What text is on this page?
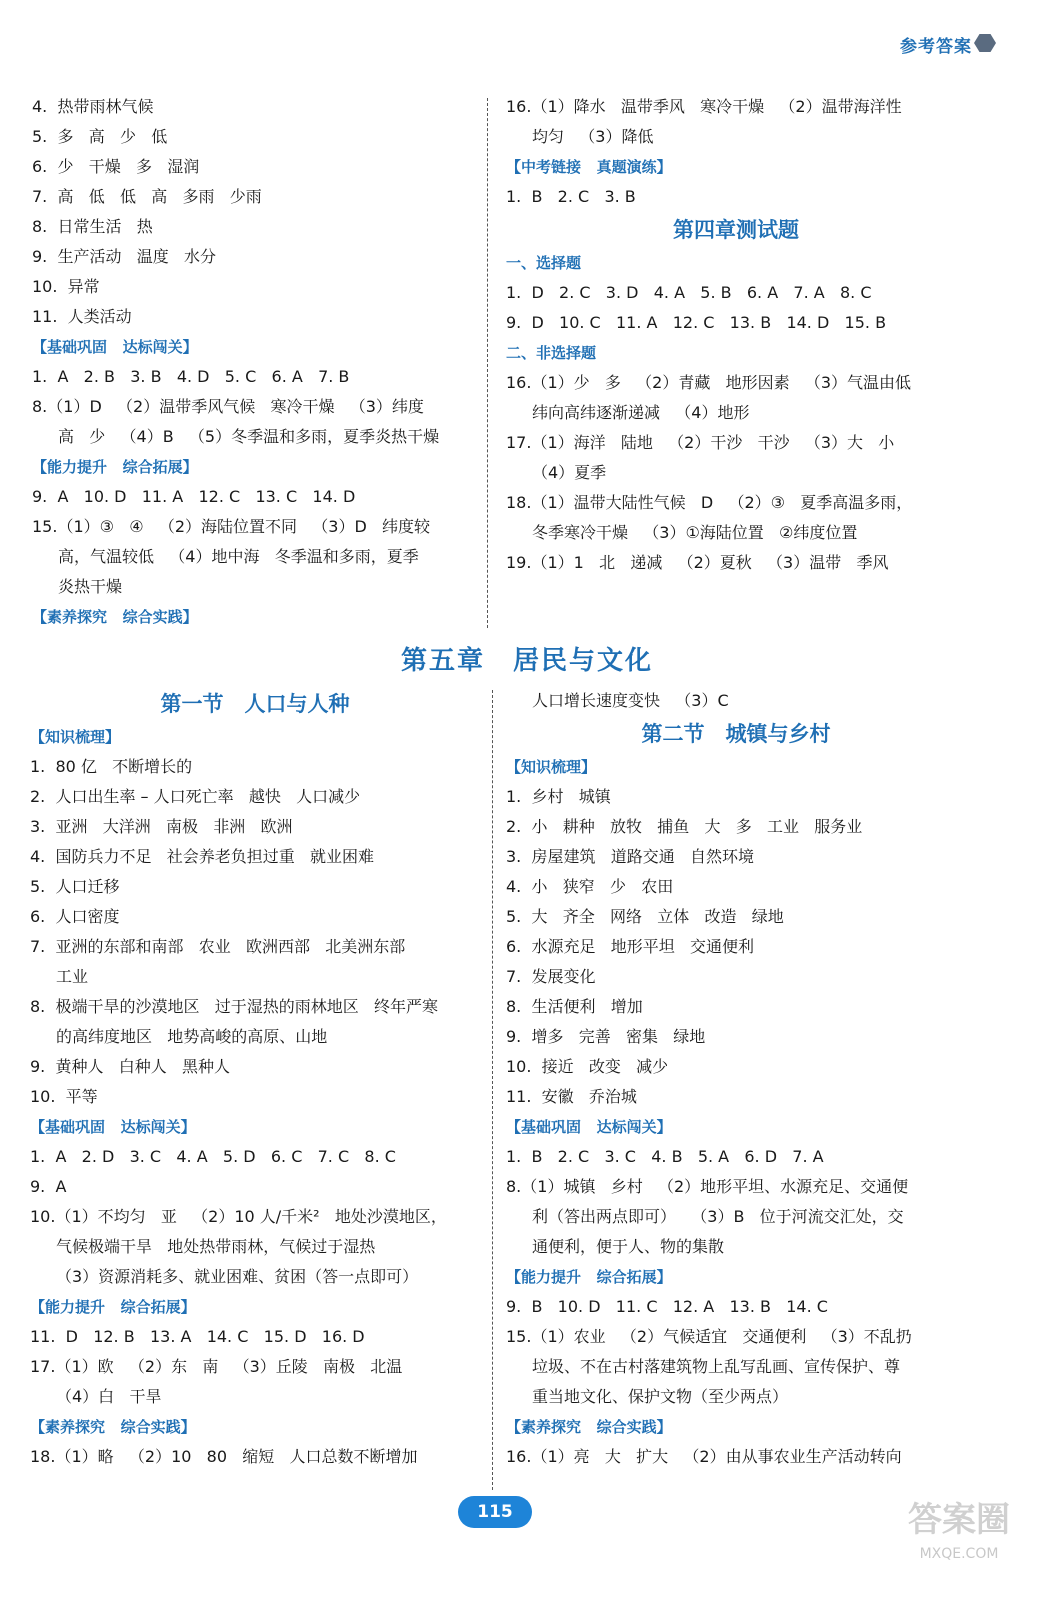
参考答案
4.  热带雨林气候
5.  多   高   少   低
6.  少   干燥   多   湿润
7.  高   低   低   高   多雨   少雨
8.  日常生活   热
9.  生产活动   温度   水分
10.  异常
11.  人类活动
【基础巩固   达标闯关】
1.  A   2. B   3. B   4. D   5. C   6. A   7. B
8.（1）D   （2）温带季风气候   寒冷干燥   （3）纬度
高   少   （4）B   （5）冬季温和多雨，夏季炎热干燥
【能力提升   综合拓展】
9.  A   10. D   11. A   12. C   13. C   14. D
15.（1）③   ④   （2）海陆位置不同   （3）D   纬度较
高，气温较低   （4）地中海   冬季温和多雨，夏季
炎热干燥
【素养探究   综合实践】
16.（1）降水   温带季风   寒冷干燥   （2）温带海洋性
均匀   （3）降低
【中考链接   真题演练】
1.  B   2. C   3. B
第四章测试题
一、选择题
1.  D   2. C   3. D   4. A   5. B   6. A   7. A   8. C
9.  D   10. C   11. A   12. C   13. B   14. D   15. B
二、非选择题
16.（1）少   多   （2）青藏   地形因素   （3）气温由低
纬向高纬逐渐递减   （4）地形
17.（1）海洋   陆地   （2）干沙   干沙   （3）大   小
（4）夏季
18.（1）温带大陆性气候   D   （2）③   夏季高温多雨，
冬季寒冷干燥   （3）①海陆位置   ②纬度位置
19.（1）1   北   递减   （2）夏秋   （3）温带   季风
第五章　居民与文化
第一节　人口与人种
【知识梳理】
1.  80 亿   不断增长的
2.  人口出生率 – 人口死亡率   越快   人口减少
3.  亚洲   大洋洲   南极   非洲   欧洲
4.  国防兵力不足   社会养老负担过重   就业困难
5.  人口迁移
6.  人口密度
7.  亚洲的东部和南部   农业   欧洲西部   北美洲东部
工业
8.  极端干旱的沙漠地区   过于湿热的雨林地区   终年严寒
的高纬度地区   地势高峻的高原、山地
9.  黄种人   白种人   黑种人
10.  平等
【基础巩固   达标闯关】
1.  A   2. D   3. C   4. A   5. D   6. C   7. C   8. C
9.  A
10.（1）不均匀   亚   （2）10 人/千米²   地处沙漠地区，
气候极端干旱   地处热带雨林，气候过于湿热
（3）资源消耗多、就业困难、贫困（答一点即可）
【能力提升   综合拓展】
11.  D   12. B   13. A   14. C   15. D   16. D
17.（1）欧   （2）东   南   （3）丘陵   南极   北温
（4）白   干旱
【素养探究   综合实践】
18.（1）略   （2）10   80   缩短   人口总数不断增加
人口增长速度变快   （3）C
第二节　城镇与乡村
【知识梳理】
1.  乡村   城镇
2.  小   耕种   放牧   捕鱼   大   多   工业   服务业
3.  房屋建筑   道路交通   自然环境
4.  小   狭窄   少   农田
5.  大   齐全   网络   立体   改造   绿地
6.  水源充足   地形平坦   交通便利
7.  发展变化
8.  生活便利   增加
9.  增多   完善   密集   绿地
10.  接近   改变   减少
11.  安徽   乔治城
【基础巩固   达标闯关】
1.  B   2. C   3. C   4. B   5. A   6. D   7. A
8.（1）城镇   乡村   （2）地形平坦、水源充足、交通便
利（答出两点即可）   （3）B   位于河流交汇处，交
通便利，便于人、物的集散
【能力提升   综合拓展】
9.  B   10. D   11. C   12. A   13. B   14. C
15.（1）农业   （2）气候适宜   交通便利   （3）不乱扔
垃圾、不在古村落建筑物上乱写乱画、宣传保护、尊
重当地文化、保护文物（至少两点）
【素养探究   综合实践】
16.（1）亮   大   扩大   （2）由从事农业生产活动转向
115	答案圈
MXQE.COM
